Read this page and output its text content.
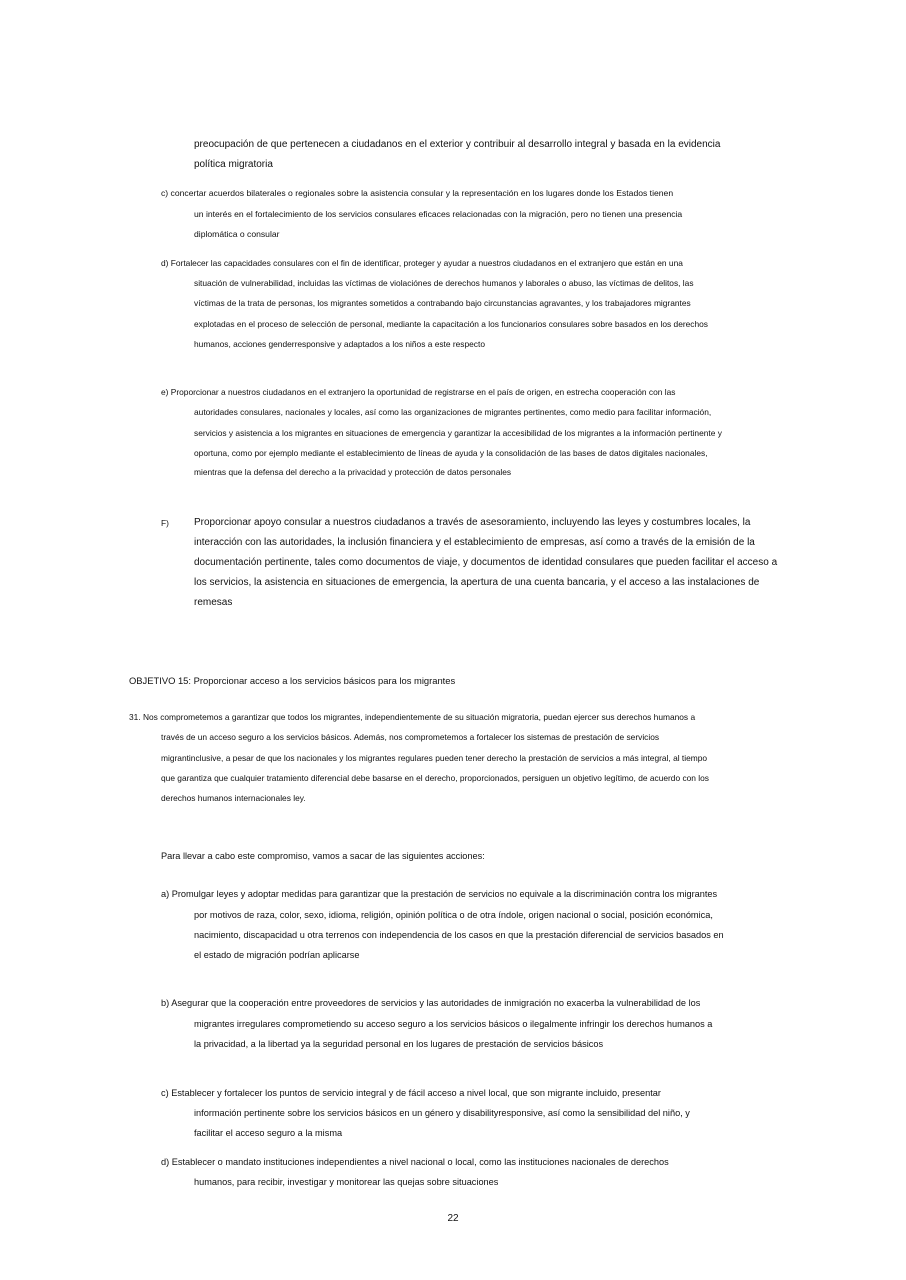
preocupación de que pertenecen a ciudadanos en el exterior y contribuir al desarrollo integral y basada en la evidencia
política migratoria
c) concertar acuerdos bilaterales o regionales sobre la asistencia consular y la representación en los lugares donde los Estados tienen
un interés en el fortalecimiento de los servicios consulares eficaces relacionadas con la migración, pero no tienen una presencia
diplomática o consular
d) Fortalecer las capacidades consulares con el fin de identificar, proteger y ayudar a nuestros ciudadanos en el extranjero que están en una
situación de vulnerabilidad, incluidas las víctimas de violaciónes de derechos humanos y laborales o abuso, las víctimas de delitos, las
víctimas de la trata de personas, los migrantes sometidos a contrabando bajo circunstancias agravantes, y los trabajadores migrantes
explotadas en el proceso de selección de personal, mediante la capacitación a los funcionarios consulares sobre basados en los derechos
humanos, acciones genderresponsive y adaptados a los niños a este respecto
e) Proporcionar a nuestros ciudadanos en el extranjero la oportunidad de registrarse en el país de origen, en estrecha cooperación con las
autoridades consulares, nacionales y locales, así como las organizaciones de migrantes pertinentes, como medio para facilitar información,
servicios y asistencia a los migrantes en situaciones de emergencia y garantizar la accesibilidad de los migrantes a la información pertinente y
oportuna, como por ejemplo mediante el establecimiento de líneas de ayuda y la consolidación de las bases de datos digitales nacionales,
mientras que la defensa del derecho a la privacidad y protección de datos personales
F)	Proporcionar apoyo consular a nuestros ciudadanos a través de asesoramiento, incluyendo las leyes y costumbres locales, la
interacción con las autoridades, la inclusión financiera y el establecimiento de empresas, así como a través de la emisión de la
documentación pertinente, tales como documentos de viaje, y documentos de identidad consulares que pueden facilitar el acceso a
los servicios, la asistencia en situaciones de emergencia, la apertura de una cuenta bancaria, y el acceso a las instalaciones de
remesas
OBJETIVO 15: Proporcionar acceso a los servicios básicos para los migrantes
31. Nos comprometemos a garantizar que todos los migrantes, independientemente de su situación migratoria, puedan ejercer sus derechos humanos a
través de un acceso seguro a los servicios básicos. Además, nos comprometemos a fortalecer los sistemas de prestación de servicios
migrantinclusive, a pesar de que los nacionales y los migrantes regulares pueden tener derecho la prestación de servicios a más integral, al tiempo
que garantiza que cualquier tratamiento diferencial debe basarse en el derecho, proporcionados, persiguen un objetivo legítimo, de acuerdo con los
derechos humanos internacionales ley.
Para llevar a cabo este compromiso, vamos a sacar de las siguientes acciones:
a) Promulgar leyes y adoptar medidas para garantizar que la prestación de servicios no equivale a la discriminación contra los migrantes
por motivos de raza, color, sexo, idioma, religión, opinión política o de otra índole, origen nacional o social, posición económica,
nacimiento, discapacidad u otra terrenos con independencia de los casos en que la prestación diferencial de servicios basados en
el estado de migración podrían aplicarse
b) Asegurar que la cooperación entre proveedores de servicios y las autoridades de inmigración no exacerba la vulnerabilidad de los
migrantes irregulares comprometiendo su acceso seguro a los servicios básicos o ilegalmente infringir los derechos humanos a
la privacidad, a la libertad ya la seguridad personal en los lugares de prestación de servicios básicos
c) Establecer y fortalecer los puntos de servicio integral y de fácil acceso a nivel local, que son migrante incluido, presentar
información pertinente sobre los servicios básicos en un género y disabilityresponsive, así como la sensibilidad del niño, y
facilitar el acceso seguro a la misma
d) Establecer o mandato instituciones independientes a nivel nacional o local, como las instituciones nacionales de derechos
humanos, para recibir, investigar y monitorear las quejas sobre situaciones
22
